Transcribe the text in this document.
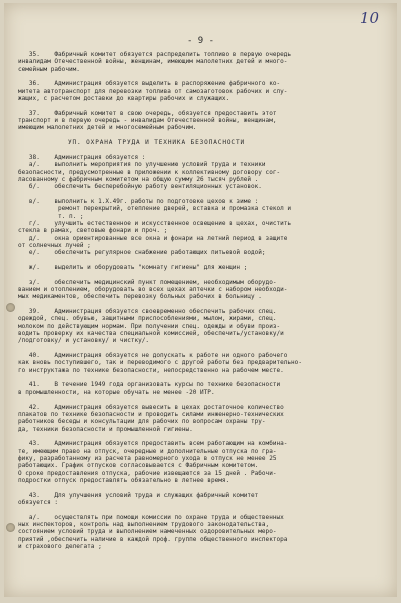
10
- 9 -
35.    Фабричный комитет обязуется распределить топливо в первую очередь
инвалидам Отечественной войны, женщинам, имеющим малолетних детей и много-
семейным рабочим.

36.    Администрация обязуется выделить в распоряжение фабричного ко-
митета автотранспорт для перевозки топлива от самозаготовок рабочих и слу-
жащих, с расчетом доставки до квартиры рабочих и служащих.

37.    Фабричный комитет в свою очередь, обязуется предоставить этот
транспорт и в первую очередь - инвалидам Отечественной войны, женщинам,
имеющим малолетних детей и многосемейным рабочим.

УП. ОХРАНА ТРУДА И ТЕХНИКА БЕЗОПАСНОСТИ

38.    Администрация обязуется :
а/.    выполнить мероприятия по улучшению условий труда и техники
безопасности, предусмотренные в приложении к коллективному договору сог-
ласованному с фабричным комитетом на общую сумму 26 тысяч рублей .
б/.    обеспечить бесперебойную работу вентиляционных установок.

в/.    выполнить к 1.Х.49г. работы по подготовке цехов к зиме :
ремонт перекрытий, отепление дверей, вставка и промазка стекол и
т. п. ;
г/.    улучшить естественное и искусственное освещение в цехах, очистить
стекла в рамах, световые фонари и проч. ;
д/.    окна ориентированные все окна и фонари на летний период в защите
от солнечных лучей ;
е/.    обеспечить регулярное снабжение работающих питьевой водой;

ж/.    выделить и оборудовать "комнату гигиены" для женщин ;

з/.    обеспечить медицинский пункт помещением, необходимым оборудо-
ванием и отоплением, оборудовать во всех цехах аптечки с набором необходи-
мых медикаментов, обеспечить перевозку больных рабочих в больницу .

39.    Администрация обязуется своевременно обеспечить рабочих спец.
одеждой, спец. обувью, защитными приспособлениями, мылом, жирами, спец.
молоком по действующим нормам. При получении спец. одежды и обуви произ-
водить проверку их качества специальной комиссией, обеспечить/установку/и
/подготовку/ и установку/ и чистку/.

40.    Администрация обязуется не допускать к работе ни одного рабочего
как вновь поступившего, так и переводимого с другой работы без предварительно-
го инструктажа по технике безопасности, непосредственно на рабочем месте.

41.    В течение 1949 года организовать курсы по технике безопасности
в промышленности, на которые обучать не менее -20 ИТР.

42.    Администрация обязуется вывесить в цехах достаточное количество
плакатов по технике безопасности и проводить силами инженерно-технических
работников беседы и консультации для рабочих по вопросам охраны тру-
да, техники безопасности и промышленной гигиены.

43.    Администрация обязуется предоставить всем работающим на комбина-
те, имеющим право на отпуск, очередные и дополнительные отпуска по гра-
фику, разработанному из расчета равномерного ухода в отпуск не менее 25
работающих. График отпусков согласовывается с Фабричным комитетом.
О сроке предоставления отпуска, рабочие извещаются за 15 дней . Рабочи-
подростки отпуск предоставлять обязательно в летнее время.

43.    Для улучшения условий труда и служащих фабричный комитет
обязуется :

а/.    осуществлять при помощи комиссии по охране труда и общественных
ных инспекторов, контроль над выполнением трудового законодательства,
состоянием условий труда и выполнением намеченных оздоровительных меро-
приятий ,обеспечить наличие в каждой проф. группе общественного инспектора
и страхового делегата ;
